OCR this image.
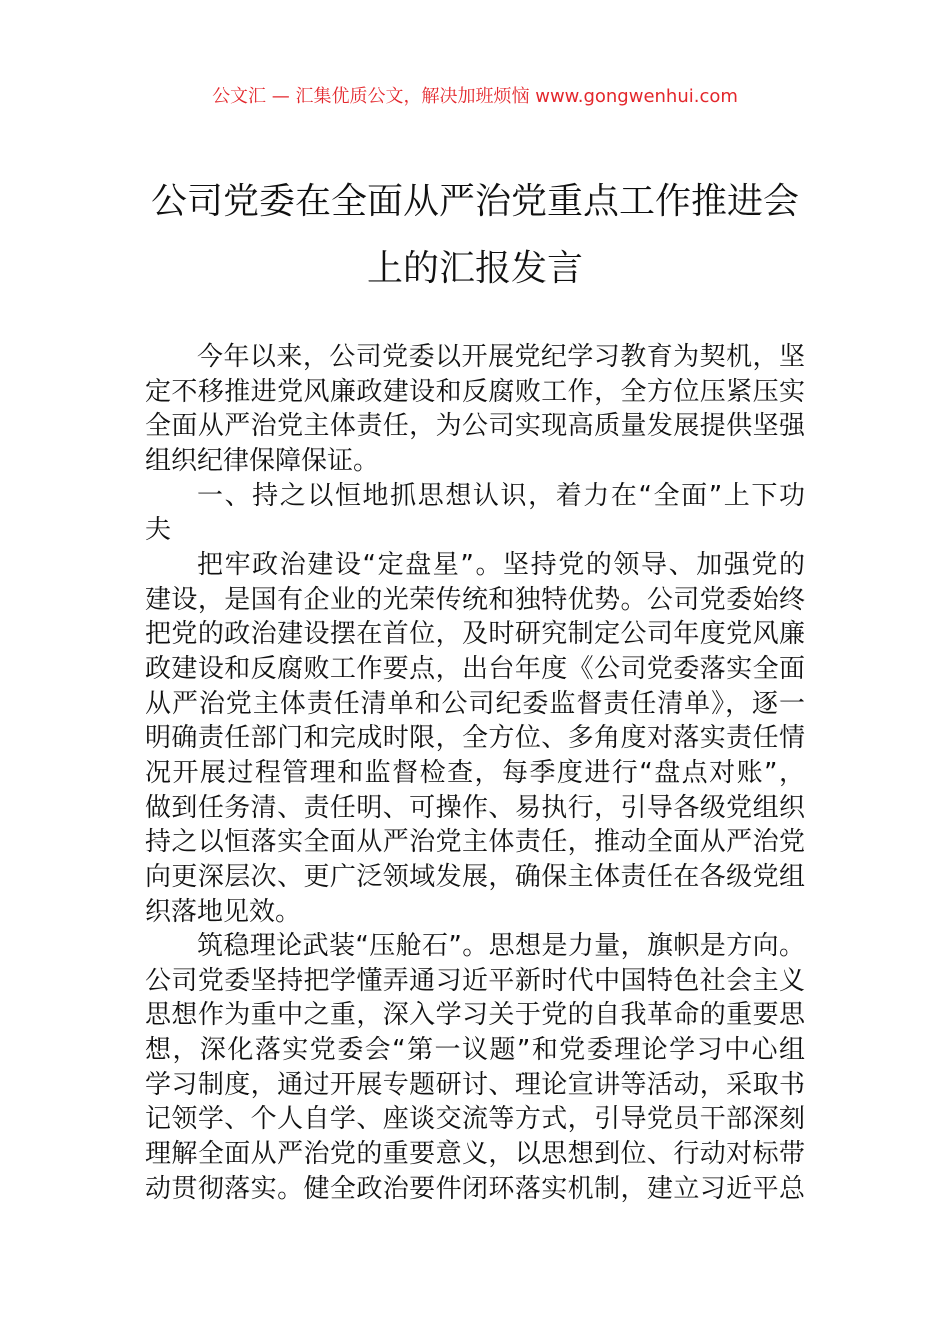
公文汇 — 汇集优质公文，解决加班烦恼 www.gongwenhui.com
公司党委在全面从严治党重点工作推进会
上的汇报发言
今年以来，公司党委以开展党纪学习教育为契机，坚
定不移推进党风廉政建设和反腐败工作，全方位压紧压实
全面从严治党主体责任，为公司实现高质量发展提供坚强
组织纪律保障保证。
一、持之以恒地抓思想认识，着力在“全面”上下功
夫
把牢政治建设“定盘星”。坚持党的领导、加强党的
建设，是国有企业的光荣传统和独特优势。公司党委始终
把党的政治建设摆在首位，及时研究制定公司年度党风廉
政建设和反腐败工作要点，出台年度《公司党委落实全面
从严治党主体责任清单和公司纪委监督责任清单》，逐一
明确责任部门和完成时限，全方位、多角度对落实责任情
况开展过程管理和监督检查，每季度进行“盘点对账”，
做到任务清、责任明、可操作、易执行，引导各级党组织
持之以恒落实全面从严治党主体责任，推动全面从严治党
向更深层次、更广泛领域发展，确保主体责任在各级党组
织落地见效。
筑稳理论武装“压舱石”。思想是力量，旗帜是方向。
公司党委坚持把学懂弄通习近平新时代中国特色社会主义
思想作为重中之重，深入学习关于党的自我革命的重要思
想，深化落实党委会“第一议题”和党委理论学习中心组
学习制度，通过开展专题研讨、理论宣讲等活动，采取书
记领学、个人自学、座谈交流等方式，引导党员干部深刻
理解全面从严治党的重要意义，以思想到位、行动对标带
动贯彻落实。健全政治要件闭环落实机制，建立习近平总
